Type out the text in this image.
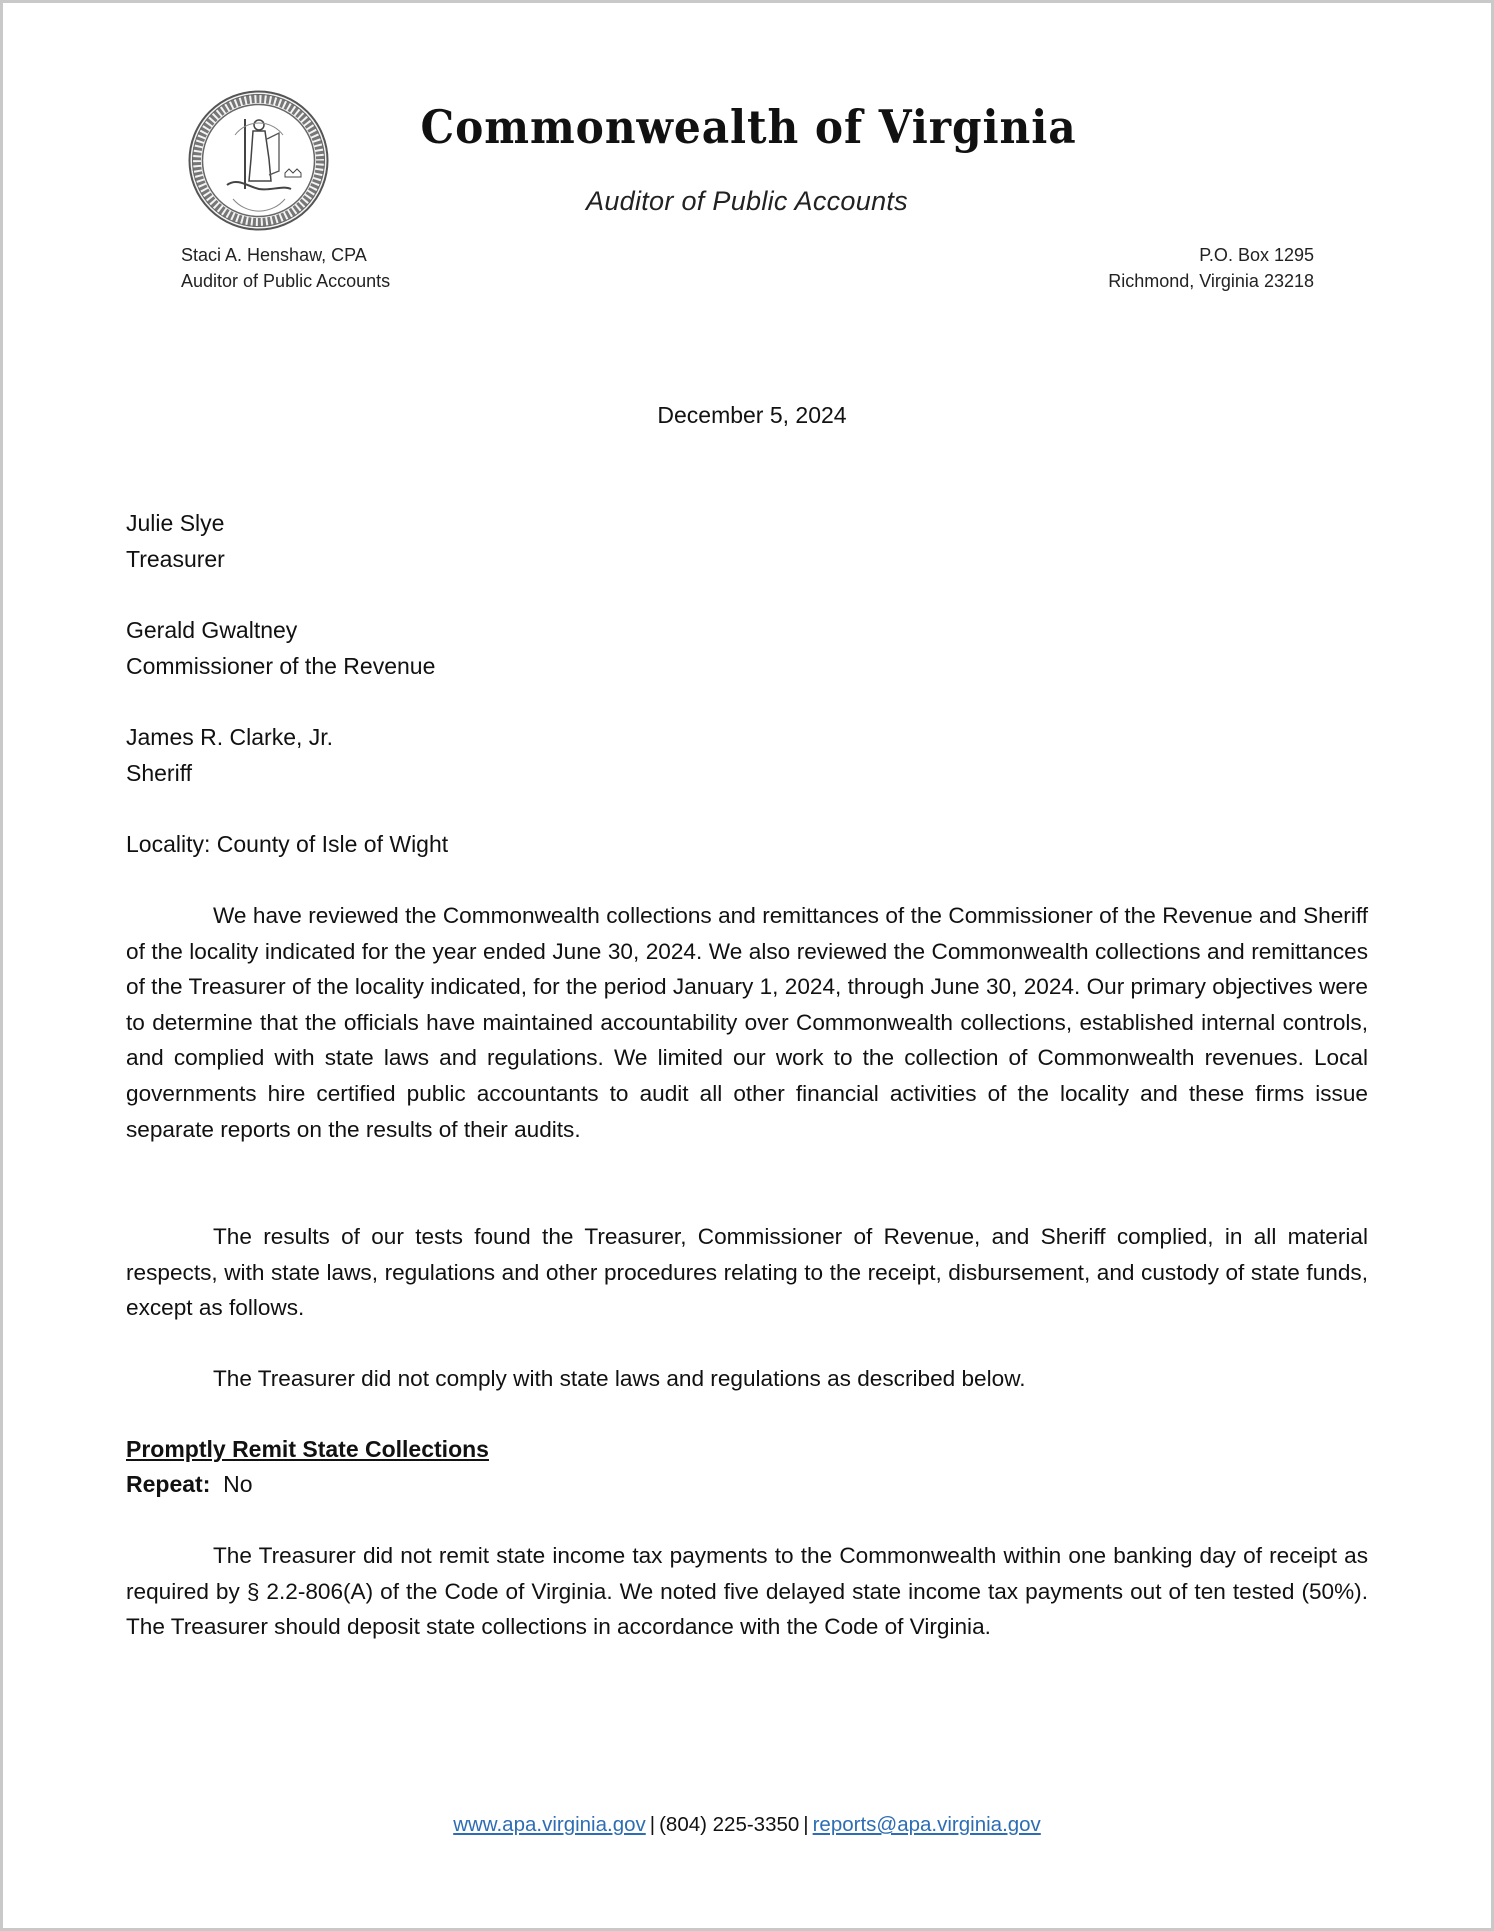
Commonwealth of Virginia
Auditor of Public Accounts
Staci A. Henshaw, CPA
Auditor of Public Accounts
P.O. Box 1295
Richmond, Virginia 23218
December 5, 2024
Julie Slye
Treasurer
Gerald Gwaltney
Commissioner of the Revenue
James R. Clarke, Jr.
Sheriff
Locality: County of Isle of Wight

We have reviewed the Commonwealth collections and remittances of the Commissioner of the Revenue and Sheriff of the locality indicated for the year ended June 30, 2024. We also reviewed the Commonwealth collections and remittances of the Treasurer of the locality indicated, for the period January 1, 2024, through June 30, 2024. Our primary objectives were to determine that the officials have maintained accountability over Commonwealth collections, established internal controls, and complied with state laws and regulations. We limited our work to the collection of Commonwealth revenues. Local governments hire certified public accountants to audit all other financial activities of the locality and these firms issue separate reports on the results of their audits.

The results of our tests found the Treasurer, Commissioner of Revenue, and Sheriff complied, in all material respects, with state laws, regulations and other procedures relating to the receipt, disbursement, and custody of state funds, except as follows.

The Treasurer did not comply with state laws and regulations as described below.

Promptly Remit State Collections
Repeat: No

The Treasurer did not remit state income tax payments to the Commonwealth within one banking day of receipt as required by § 2.2-806(A) of the Code of Virginia. We noted five delayed state income tax payments out of ten tested (50%). The Treasurer should deposit state collections in accordance with the Code of Virginia.

www.apa.virginia.gov | (804) 225-3350 | reports@apa.virginia.gov
